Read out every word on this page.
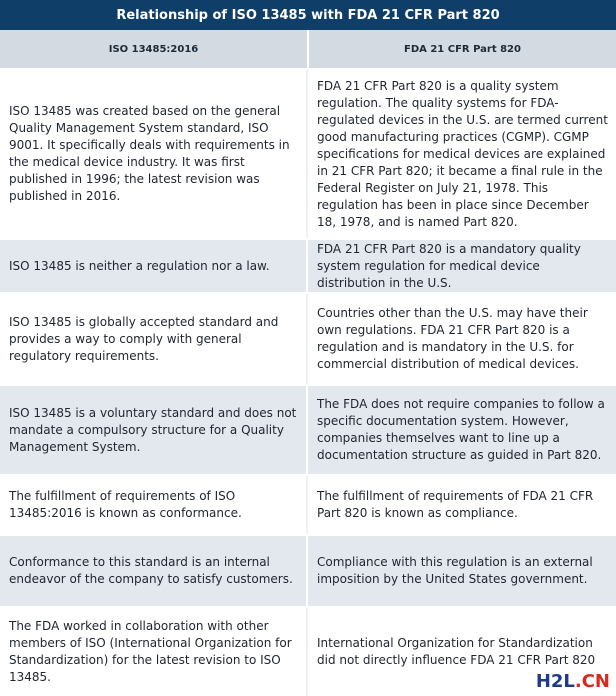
Relationship of ISO 13485 with FDA 21 CFR Part 820
ISO 13485:2016	FDA 21 CFR Part 820
ISO 13485 was created based on the general Quality Management System standard, ISO 9001. It specifically deals with requirements in the medical device industry. It was first published in 1996; the latest revision was published in 2016.
FDA 21 CFR Part 820 is a quality system regulation. The quality systems for FDA-regulated devices in the U.S. are termed current good manufacturing practices (CGMP). CGMP specifications for medical devices are explained in 21 CFR Part 820; it became a final rule in the Federal Register on July 21, 1978. This regulation has been in place since December 18, 1978, and is named Part 820.
ISO 13485 is neither a regulation nor a law.
FDA 21 CFR Part 820 is a mandatory quality system regulation for medical device distribution in the U.S.
ISO 13485 is globally accepted standard and provides a way to comply with general regulatory requirements.
Countries other than the U.S. may have their own regulations. FDA 21 CFR Part 820 is a regulation and is mandatory in the U.S. for commercial distribution of medical devices.
ISO 13485 is a voluntary standard and does not mandate a compulsory structure for a Quality Management System.
The FDA does not require companies to follow a specific documentation system. However, companies themselves want to line up a documentation structure as guided in Part 820.
The fulfillment of requirements of ISO 13485:2016 is known as conformance.
The fulfillment of requirements of FDA 21 CFR Part 820 is known as compliance.
Conformance to this standard is an internal endeavor of the company to satisfy customers.
Compliance with this regulation is an external imposition by the United States government.
The FDA worked in collaboration with other members of ISO (International Organization for Standardization) for the latest revision to ISO 13485.
International Organization for Standardization did not directly influence FDA 21 CFR Part 820
H2L.CN
